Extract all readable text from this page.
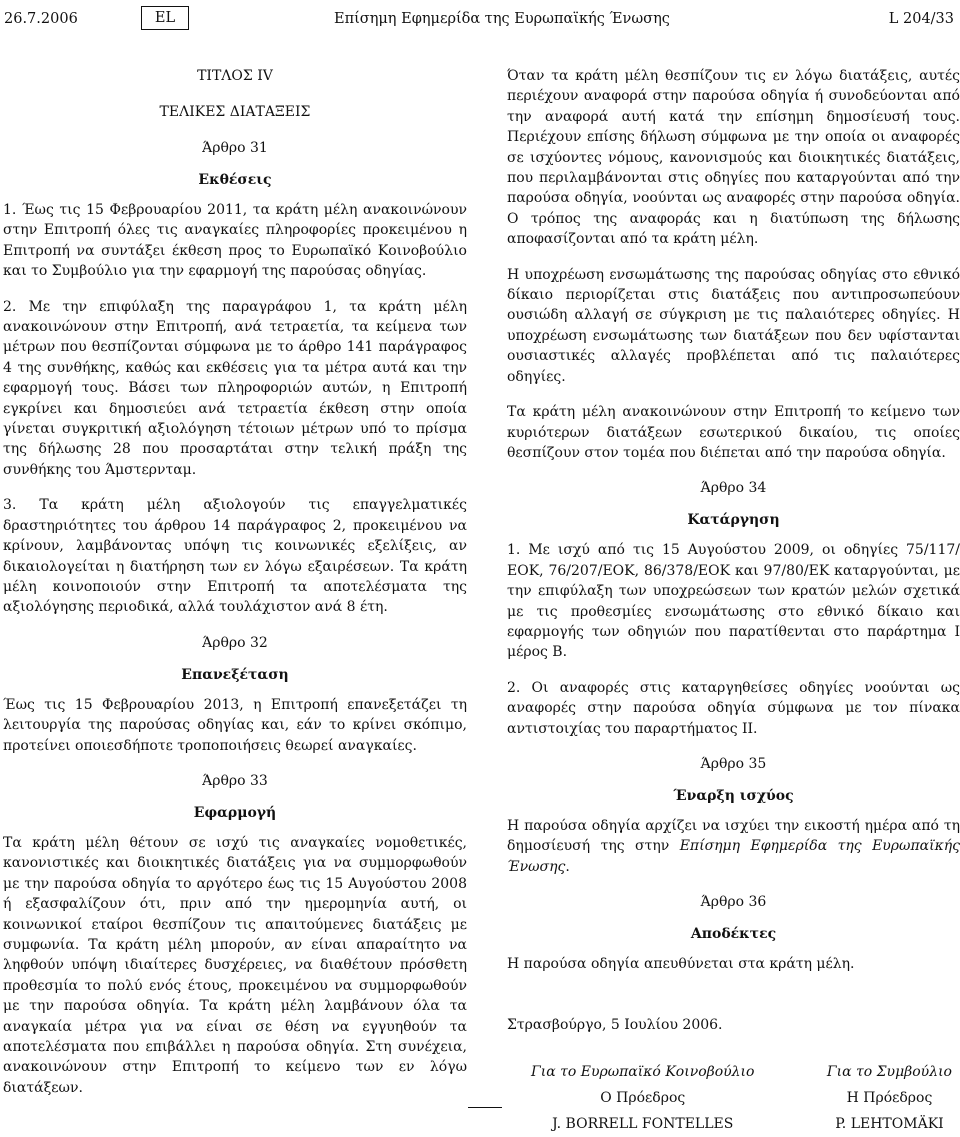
26.7.2006	EL	Επίσημη Εφημερίδα της Ευρωπαϊκής Ένωσης	L 204/33

ΤΙΤΛΟΣ IV

ΤΕΛΙΚΕΣ ΔΙΑΤΑΞΕΙΣ

Άρθρο 31

Εκθέσεις

1. Έως τις 15 Φεβρουαρίου 2011, τα κράτη μέλη ανακοινώνουν στην Επιτροπή όλες τις αναγκαίες πληροφορίες προκειμένου η Επιτροπή να συντάξει έκθεση προς το Ευρωπαϊκό Κοινοβούλιο και το Συμβούλιο για την εφαρμογή της παρούσας οδηγίας.

2. Με την επιφύλαξη της παραγράφου 1, τα κράτη μέλη ανακοινώνουν στην Επιτροπή, ανά τετραετία, τα κείμενα των μέτρων που θεσπίζονται σύμφωνα με το άρθρο 141 παράγραφος 4 της συνθήκης, καθώς και εκθέσεις για τα μέτρα αυτά και την εφαρμογή τους. Βάσει των πληροφοριών αυτών, η Επιτροπή εγκρίνει και δημοσιεύει ανά τετραετία έκθεση στην οποία γίνεται συγκριτική αξιολόγηση τέτοιων μέτρων υπό το πρίσμα της δήλωσης 28 που προσαρτάται στην τελική πράξη της συνθήκης του Άμστερνταμ.

3. Τα κράτη μέλη αξιολογούν τις επαγγελματικές δραστηριότητες του άρθρου 14 παράγραφος 2, προκειμένου να κρίνουν, λαμβάνοντας υπόψη τις κοινωνικές εξελίξεις, αν δικαιολογείται η διατήρηση των εν λόγω εξαιρέσεων. Τα κράτη μέλη κοινοποιούν στην Επιτροπή τα αποτελέσματα της αξιολόγησης περιοδικά, αλλά τουλάχιστον ανά 8 έτη.

Άρθρο 32

Επανεξέταση

Έως τις 15 Φεβρουαρίου 2013, η Επιτροπή επανεξετάζει τη λειτουργία της παρούσας οδηγίας και, εάν το κρίνει σκόπιμο, προτείνει οποιεσδήποτε τροποποιήσεις θεωρεί αναγκαίες.

Άρθρο 33

Εφαρμογή

Τα κράτη μέλη θέτουν σε ισχύ τις αναγκαίες νομοθετικές, κανονιστικές και διοικητικές διατάξεις για να συμμορφωθούν με την παρούσα οδηγία το αργότερο έως τις 15 Αυγούστου 2008 ή εξασφαλίζουν ότι, πριν από την ημερομηνία αυτή, οι κοινωνικοί εταίροι θεσπίζουν τις απαιτούμενες διατάξεις με συμφωνία. Τα κράτη μέλη μπορούν, αν είναι απαραίτητο να ληφθούν υπόψη ιδιαίτερες δυσχέρειες, να διαθέτουν πρόσθετη προθεσμία το πολύ ενός έτους, προκειμένου να συμμορφωθούν με την παρούσα οδηγία. Τα κράτη μέλη λαμβάνουν όλα τα αναγκαία μέτρα για να είναι σε θέση να εγγυηθούν τα αποτελέσματα που επιβάλλει η παρούσα οδηγία. Στη συνέχεια, ανακοινώνουν στην Επιτροπή το κείμενο των εν λόγω διατάξεων.

Όταν τα κράτη μέλη θεσπίζουν τις εν λόγω διατάξεις, αυτές περιέχουν αναφορά στην παρούσα οδηγία ή συνοδεύονται από την αναφορά αυτή κατά την επίσημη δημοσίευσή τους. Περιέχουν επίσης δήλωση σύμφωνα με την οποία οι αναφορές σε ισχύοντες νόμους, κανονισμούς και διοικητικές διατάξεις, που περιλαμβάνονται στις οδηγίες που καταργούνται από την παρούσα οδηγία, νοούνται ως αναφορές στην παρούσα οδηγία. Ο τρόπος της αναφοράς και η διατύπωση της δήλωσης αποφασίζονται από τα κράτη μέλη.

Η υποχρέωση ενσωμάτωσης της παρούσας οδηγίας στο εθνικό δίκαιο περιορίζεται στις διατάξεις που αντιπροσωπεύουν ουσιώδη αλλαγή σε σύγκριση με τις παλαιότερες οδηγίες. Η υποχρέωση ενσωμάτωσης των διατάξεων που δεν υφίστανται ουσιαστικές αλλαγές προβλέπεται από τις παλαιότερες οδηγίες.

Τα κράτη μέλη ανακοινώνουν στην Επιτροπή το κείμενο των κυριότερων διατάξεων εσωτερικού δικαίου, τις οποίες θεσπίζουν στον τομέα που διέπεται από την παρούσα οδηγία.

Άρθρο 34

Κατάργηση

1. Με ισχύ από τις 15 Αυγούστου 2009, οι οδηγίες 75/117/ΕΟΚ, 76/207/ΕΟΚ, 86/378/ΕΟΚ και 97/80/ΕΚ καταργούνται, με την επιφύλαξη των υποχρεώσεων των κρατών μελών σχετικά με τις προθεσμίες ενσωμάτωσης στο εθνικό δίκαιο και εφαρμογής των οδηγιών που παρατίθενται στο παράρτημα Ι μέρος Β.

2. Οι αναφορές στις καταργηθείσες οδηγίες νοούνται ως αναφορές στην παρούσα οδηγία σύμφωνα με τον πίνακα αντιστοιχίας του παραρτήματος ΙΙ.

Άρθρο 35

Έναρξη ισχύος

Η παρούσα οδηγία αρχίζει να ισχύει την εικοστή ημέρα από τη δημοσίευσή της στην Επίσημη Εφημερίδα της Ευρωπαϊκής Ένωσης.

Άρθρο 36

Αποδέκτες

Η παρούσα οδηγία απευθύνεται στα κράτη μέλη.

Στρασβούργο, 5 Ιουλίου 2006.

Για το Ευρωπαϊκό Κοινοβούλιο
Ο Πρόεδρος
J. BORRELL FONTELLES
Για το Συμβούλιο
Η Πρόεδρος
P. LEHTOMÄKI
